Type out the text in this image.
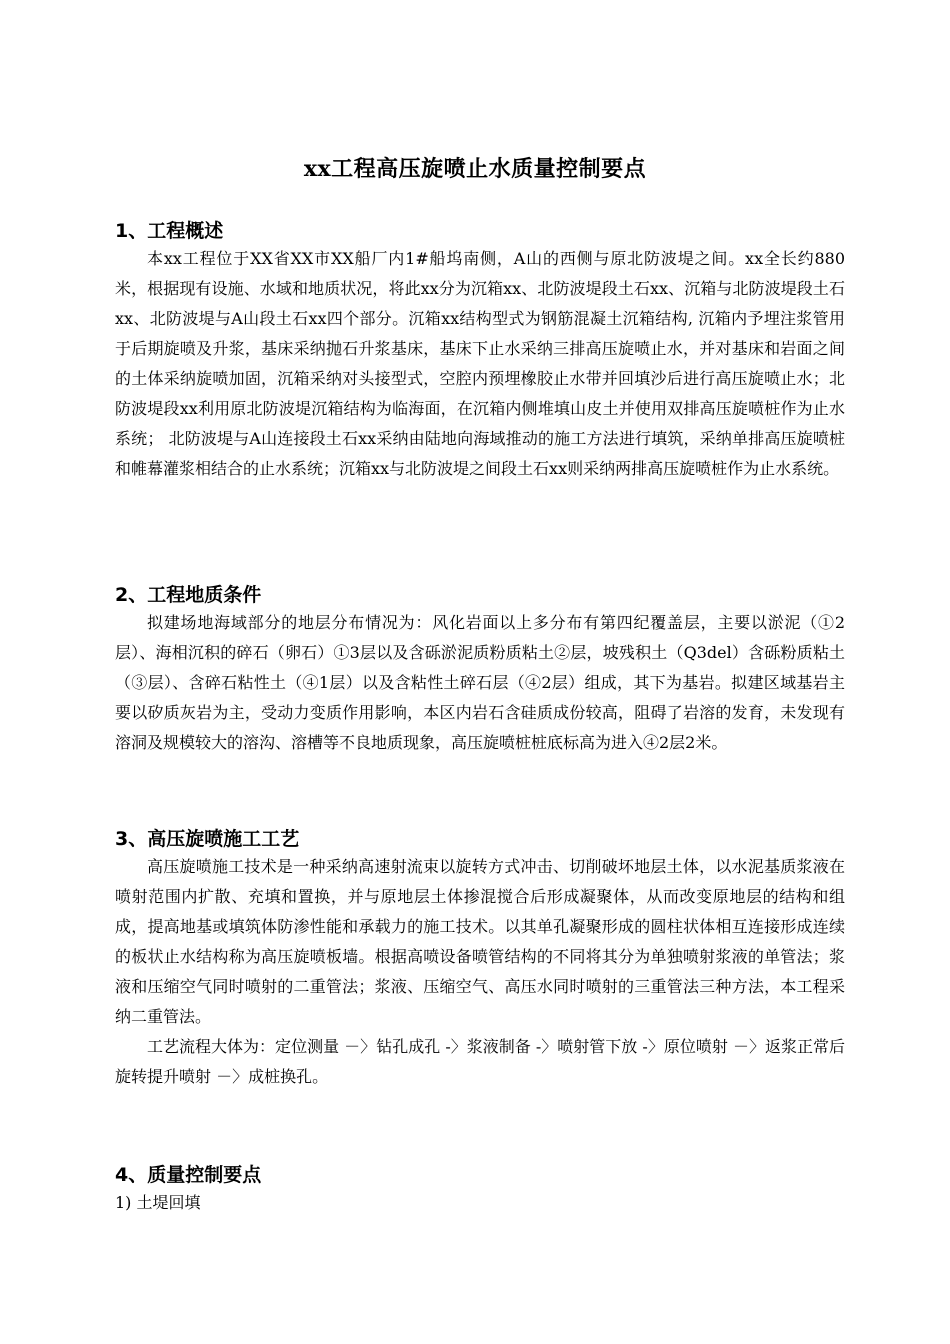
xx工程高压旋喷止水质量控制要点
1、工程概述

本xx工程位于XX省XX市XX船厂内1#船坞南侧，A山的西侧与原北防波堤之间。xx全长约880米，根据现有设施、水域和地质状况，将此xx分为沉箱xx、北防波堤段土石xx、沉箱与北防波堤段土石xx、北防波堤与A山段土石xx四个部分。沉箱xx结构型式为钢筋混凝土沉箱结构, 沉箱内予埋注浆管用于后期旋喷及升浆，基床采纳抛石升浆基床，基床下止水采纳三排高压旋喷止水，并对基床和岩面之间的土体采纳旋喷加固，沉箱采纳对头接型式，空腔内预埋橡胶止水带并回填沙后进行高压旋喷止水；北防波堤段xx利用原北防波堤沉箱结构为临海面，在沉箱内侧堆填山皮土并使用双排高压旋喷桩作为止水系统； 北防波堤与A山连接段土石xx采纳由陆地向海域推动的施工方法进行填筑，采纳单排高压旋喷桩和帷幕灌浆相结合的止水系统；沉箱xx与北防波堤之间段土石xx则采纳两排高压旋喷桩作为止水系统。

2、工程地质条件

拟建场地海域部分的地层分布情况为：风化岩面以上多分布有第四纪覆盖层，主要以淤泥（①2层）、海相沉积的碎石（卵石）①3层以及含砾淤泥质粉质粘土②层，坡残积土（Q3del）含砾粉质粘土（③层）、含碎石粘性土（④1层）以及含粘性土碎石层（④2层）组成，其下为基岩。拟建区域基岩主要以矽质灰岩为主，受动力变质作用影响，本区内岩石含硅质成份较高，阻碍了岩溶的发育，未发现有溶洞及规模较大的溶沟、溶槽等不良地质现象，高压旋喷桩桩底标高为进入④2层2米。

3、高压旋喷施工工艺

高压旋喷施工技术是一种采纳高速射流束以旋转方式冲击、切削破坏地层土体，以水泥基质浆液在喷射范围内扩散、充填和置换，并与原地层土体掺混搅合后形成凝聚体，从而改变原地层的结构和组成，提高地基或填筑体防渗性能和承载力的施工技术。以其单孔凝聚形成的圆柱状体相互连接形成连续的板状止水结构称为高压旋喷板墙。根据高喷设备喷管结构的不同将其分为单独喷射浆液的单管法；浆液和压缩空气同时喷射的二重管法；浆液、压缩空气、高压水同时喷射的三重管法三种方法，本工程采纳二重管法。

工艺流程大体为：定位测量 －〉钻孔成孔 -〉浆液制备 -〉喷射管下放 -〉原位喷射 －〉返浆正常后旋转提升喷射 －〉成桩换孔。

4、质量控制要点

1) 土堤回填
